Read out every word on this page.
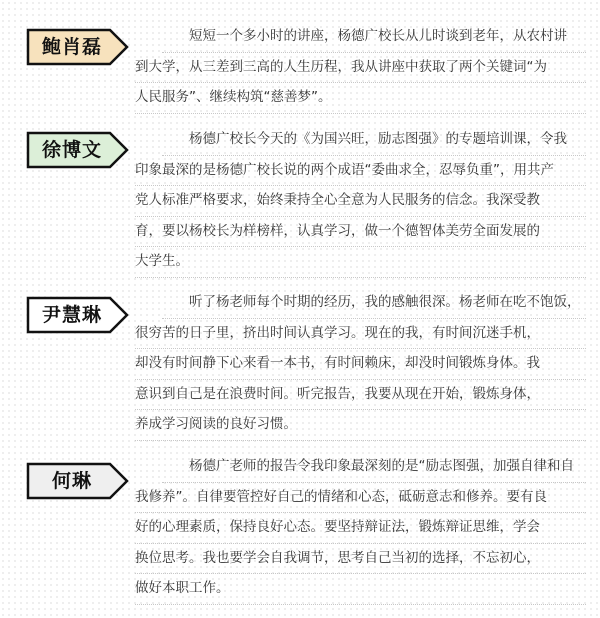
鲍肖磊	短短一个多小时的讲座，杨德广校长从儿时谈到老年，从农村讲
到大学，从三差到三高的人生历程，我从讲座中获取了两个关键词“为
人民服务”、继续构筑“慈善梦”。

徐博文	杨德广校长今天的《为国兴旺，励志图强》的专题培训课，令我
印象最深的是杨德广校长说的两个成语“委曲求全，忍辱负重”，用共产
党人标准严格要求，始终秉持全心全意为人民服务的信念。我深受教
育，要以杨校长为样榜样，认真学习，做一个德智体美劳全面发展的
大学生。

尹慧琳

听了杨老师每个时期的经历，我的感触很深。杨老师在吃不饱饭，
很穷苦的日子里，挤出时间认真学习。现在的我，有时间沉迷手机，
却没有时间静下心来看一本书，有时间赖床，却没时间锻炼身体。我
意识到自己是在浪费时间。听完报告，我要从现在开始，锻炼身体，
养成学习阅读的良好习惯。

何琳

杨德广老师的报告令我印象最深刻的是“励志图强，加强自律和自
我修养”。自律要管控好自己的情绪和心态，砥砺意志和修养。要有良
好的心理素质，保持良好心态。要坚持辩证法，锻炼辩证思维，学会
换位思考。我也要学会自我调节，思考自己当初的选择，不忘初心，
做好本职工作。
